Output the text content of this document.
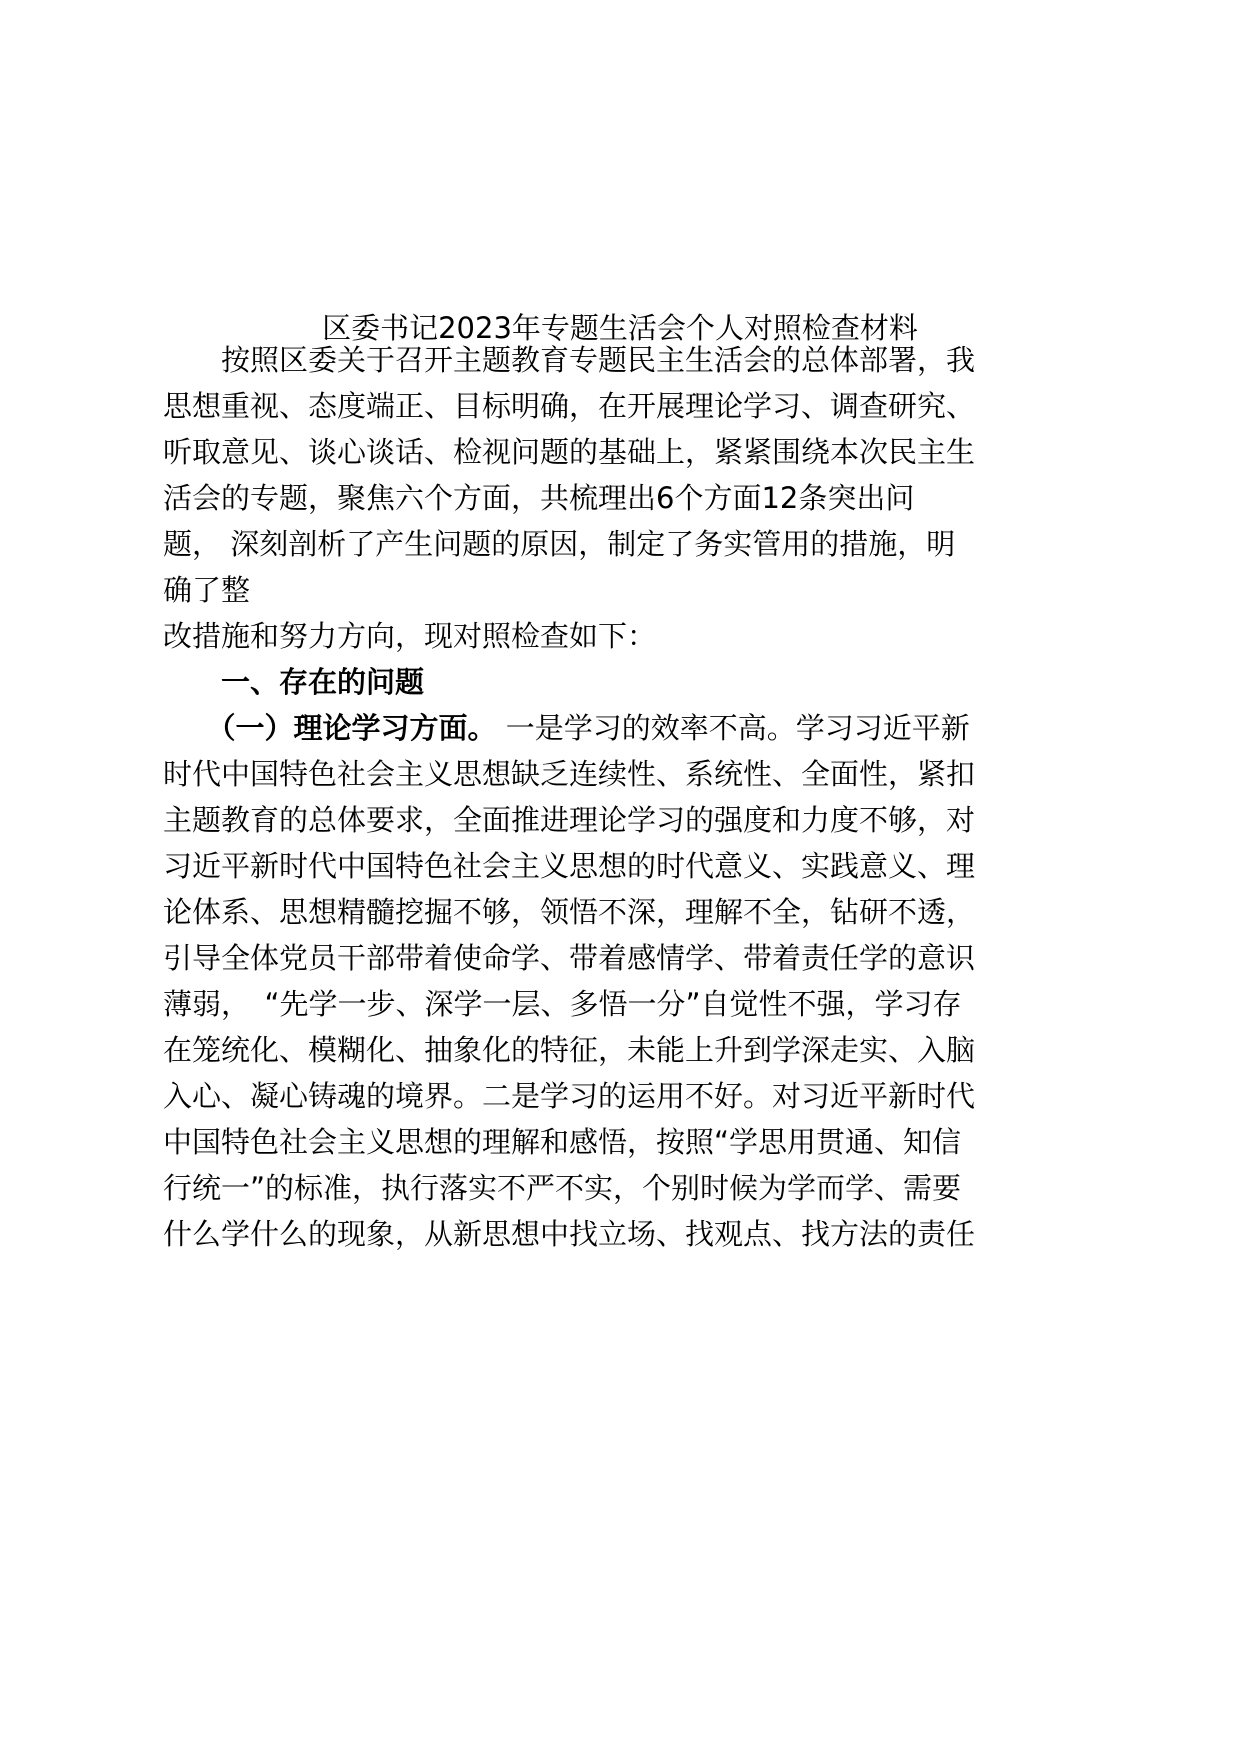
区委书记2023年专题生活会个人对照检查材料
　　按照区委关于召开主题教育专题民主生活会的总体部署，我
思想重视、态度端正、目标明确，在开展理论学习、调查研究、
听取意见、谈心谈话、检视问题的基础上，紧紧围绕本次民主生
活会的专题，聚焦六个方面，共梳理出6个方面12条突出问
题， 深刻剖析了产生问题的原因，制定了务实管用的措施，明
确了整
改措施和努力方向，现对照检查如下：
　　一、存在的问题
　　（一）理论学习方面。 一是学习的效率不高。学习习近平新
时代中国特色社会主义思想缺乏连续性、系统性、全面性，紧扣
主题教育的总体要求，全面推进理论学习的强度和力度不够，对
习近平新时代中国特色社会主义思想的时代意义、实践意义、理
论体系、思想精髓挖掘不够，领悟不深，理解不全，钻研不透，
引导全体党员干部带着使命学、带着感情学、带着责任学的意识
薄弱，　“先学一步、深学一层、多悟一分”自觉性不强，学习存
在笼统化、模糊化、抽象化的特征，未能上升到学深走实、入脑
入心、凝心铸魂的境界。二是学习的运用不好。对习近平新时代
中国特色社会主义思想的理解和感悟，按照“学思用贯通、知信
行统一”的标准，执行落实不严不实，个别时候为学而学、需要
什么学什么的现象，从新思想中找立场、找观点、找方法的责任
